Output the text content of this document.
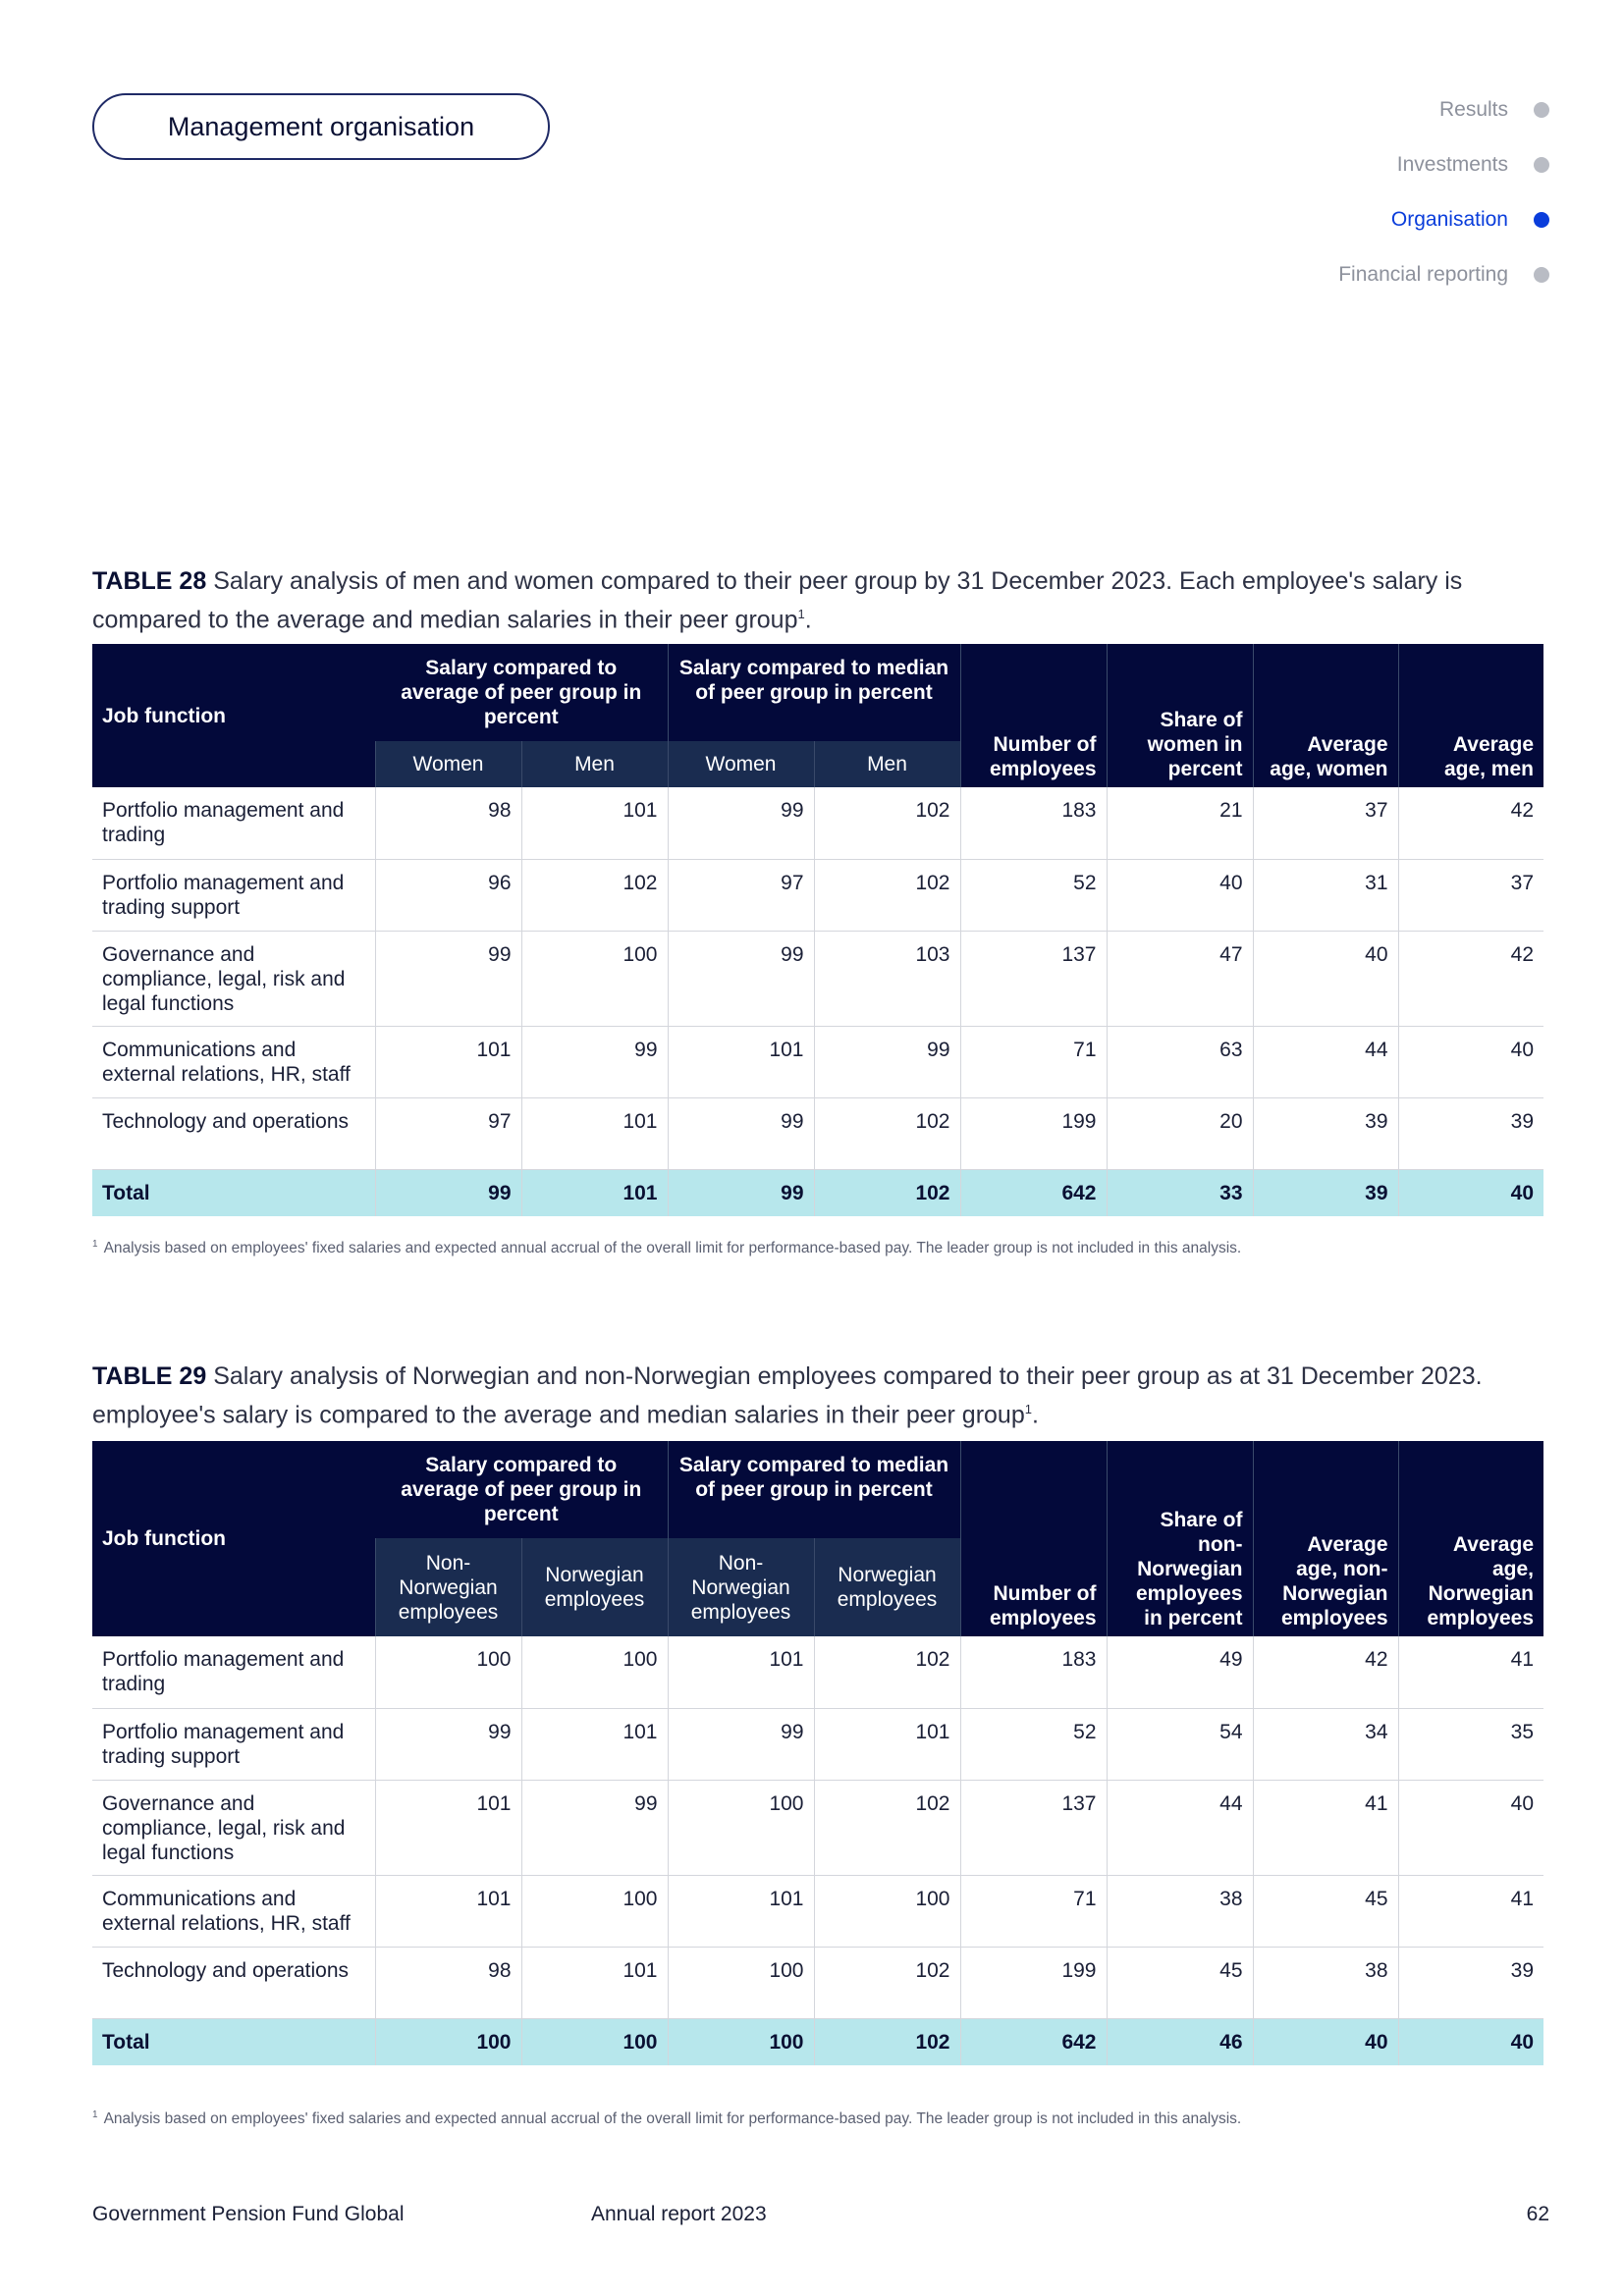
Management organisation
Results
Investments
Organisation
Financial reporting
TABLE 28 Salary analysis of men and women compared to their peer group by 31 December 2023. Each employee's salary is compared to the average and median salaries in their peer group$^1$.
Job function	Salary compared to average of peer group in percent		Salary compared to median of peer group in percent		Number of employees	Share of women in percent	Average age, women	Average age, men
	Women	Men	Women	Men				
Portfolio management and trading	98	101	99	102	183	21	37	42
Portfolio management and trading support	96	102	97	102	52	40	31	37
Governance and compliance, legal, risk and legal functions	99	100	99	103	137	47	40	42
Communications and external relations, HR, staff	101	99	101	99	71	63	44	40
Technology and operations	97	101	99	102	199	20	39	39
Total	99	101	99	102	642	33	39	40
$^1$ Analysis based on employees' fixed salaries and expected annual accrual of the overall limit for performance-based pay. The leader group is not included in this analysis.
TABLE 29 Salary analysis of Norwegian and non-Norwegian employees compared to their peer group as at 31 December 2023. employee's salary is compared to the average and median salaries in their peer group$^1$.
Job function	Salary compared to average of peer group in percent		Salary compared to median of peer group in percent		Number of employees	Share of non-Norwegian employees in percent	Average age, non-Norwegian employees	Average age, Norwegian employees
	Non-Norwegian employees	Norwegian employees	Non-Norwegian employees	Norwegian employees				
Portfolio management and trading	100	100	101	102	183	49	42	41
Portfolio management and trading support	99	101	99	101	52	54	34	35
Governance and compliance, legal, risk and legal functions	101	99	100	102	137	44	41	40
Communications and external relations, HR, staff	101	100	101	100	71	38	45	41
Technology and operations	98	101	100	102	199	45	38	39
Total	100	100	100	102	642	46	40	40
$^1$ Analysis based on employees' fixed salaries and expected annual accrual of the overall limit for performance-based pay. The leader group is not included in this analysis.
Government Pension Fund Global	Annual report 2023	62
